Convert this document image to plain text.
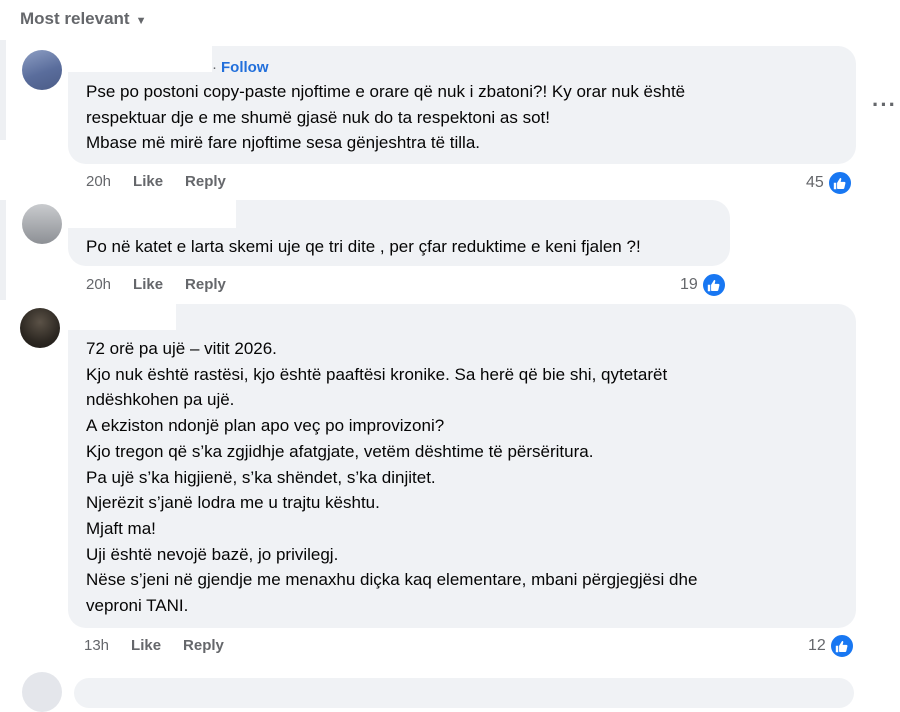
Most relevant ▼
· Follow
Pse po postoni copy-paste njoftime e orare që nuk i zbatoni?! Ky orar nuk është
respektuar dje e me shumë gjasë nuk do ta respektoni as sot!
Mbase më mirë fare njoftime sesa gënjeshtra të tilla.
20h Like Reply	45
···
Po në katet e larta skemi uje qe tri dite , per çfar reduktime e keni fjalen ?!
20h Like Reply	19
72 orë pa ujë – vitit 2026.
Kjo nuk është rastësi, kjo është paaftësi kronike. Sa herë që bie shi, qytetarët
ndëshkohen pa ujë.
A ekziston ndonjë plan apo veç po improvizoni?
Kjo tregon që s’ka zgjidhje afatgjate, vetëm dështime të përsëritura.
Pa ujë s’ka higjienë, s’ka shëndet, s’ka dinjitet.
Njerëzit s’janë lodra me u trajtu kështu.
Mjaft ma!
Uji është nevojë bazë, jo privilegj.
Nëse s’jeni në gjendje me menaxhu diçka kaq elementare, mbani përgjegjësi dhe
veproni TANI.
13h Like Reply	12
